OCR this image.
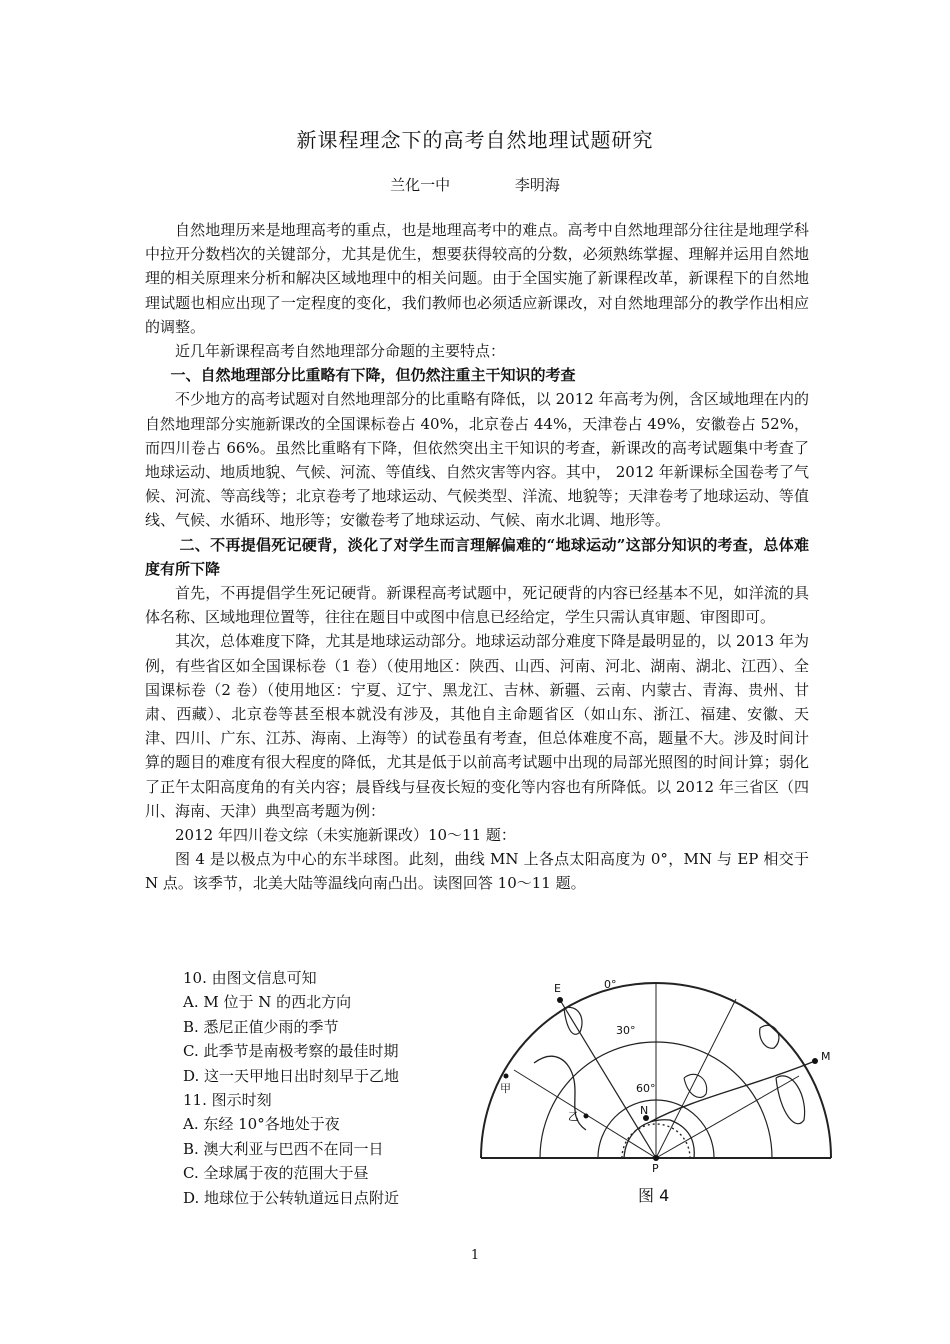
新课程理念下的高考自然地理试题研究
兰化一中	李明海

自然地理历来是地理高考的重点，也是地理高考中的难点。高考中自然地理部分往往是地理学科中拉开分数档次的关键部分，尤其是优生，想要获得较高的分数，必须熟练掌握、理解并运用自然地理的相关原理来分析和解决区域地理中的相关问题。由于全国实施了新课程改革，新课程下的自然地理试题也相应出现了一定程度的变化，我们教师也必须适应新课改，对自然地理部分的教学作出相应的调整。

近几年新课程高考自然地理部分命题的主要特点：

一、自然地理部分比重略有下降，但仍然注重主干知识的考查

不少地方的高考试题对自然地理部分的比重略有降低，以 2012 年高考为例，含区域地理在内的自然地理部分实施新课改的全国课标卷占 40%，北京卷占 44%，天津卷占 49%，安徽卷占 52%，而四川卷占 66%。虽然比重略有下降，但依然突出主干知识的考查，新课改的高考试题集中考查了地球运动、地质地貌、气候、河流、等值线、自然灾害等内容。其中， 2012 年新课标全国卷考了气候、河流、等高线等；北京卷考了地球运动、气候类型、洋流、地貌等；天津卷考了地球运动、等值线、气候、水循环、地形等；安徽卷考了地球运动、气候、南水北调、地形等。

二、不再提倡死记硬背，淡化了对学生而言理解偏难的“地球运动”这部分知识的考查，总体难度有所下降

首先，不再提倡学生死记硬背。新课程高考试题中，死记硬背的内容已经基本不见，如洋流的具体名称、区域地理位置等，往往在题目中或图中信息已经给定，学生只需认真审题、审图即可。

其次，总体难度下降，尤其是地球运动部分。地球运动部分难度下降是最明显的，以 2013 年为例，有些省区如全国课标卷（1 卷）（使用地区：陕西、山西、河南、河北、湖南、湖北、江西）、全国课标卷（2 卷）（使用地区：宁夏、辽宁、黑龙江、吉林、新疆、云南、内蒙古、青海、贵州、甘肃、西藏）、北京卷等甚至根本就没有涉及，其他自主命题省区（如山东、浙江、福建、安徽、天津、四川、广东、江苏、海南、上海等）的试卷虽有考查，但总体难度不高，题量不大。涉及时间计算的题目的难度有很大程度的降低，尤其是低于以前高考试题中出现的局部光照图的时间计算；弱化了正午太阳高度角的有关内容；晨昏线与昼夜长短的变化等内容也有所降低。以 2012 年三省区（四川、海南、天津）典型高考题为例：

2012 年四川卷文综（未实施新课改）10～11 题：

图 4 是以极点为中心的东半球图。此刻，曲线 MN 上各点太阳高度为 0°，MN 与 EP 相交于 N 点。该季节，北美大陆等温线向南凸出。读图回答 10～11 题。

10. 由图文信息可知
A. M 位于 N 的西北方向
B. 悉尼正值少雨的季节
C. 此季节是南极考察的最佳时期
D. 这一天甲地日出时刻早于乙地
11. 图示时刻
A. 东经 10°各地处于夜
B. 澳大利亚与巴西不在同一日
C. 全球属于夜的范围大于昼
D. 地球位于公转轨道远日点附近
E
M
N
P
甲
乙
0°
30°
60°
图 4
1
